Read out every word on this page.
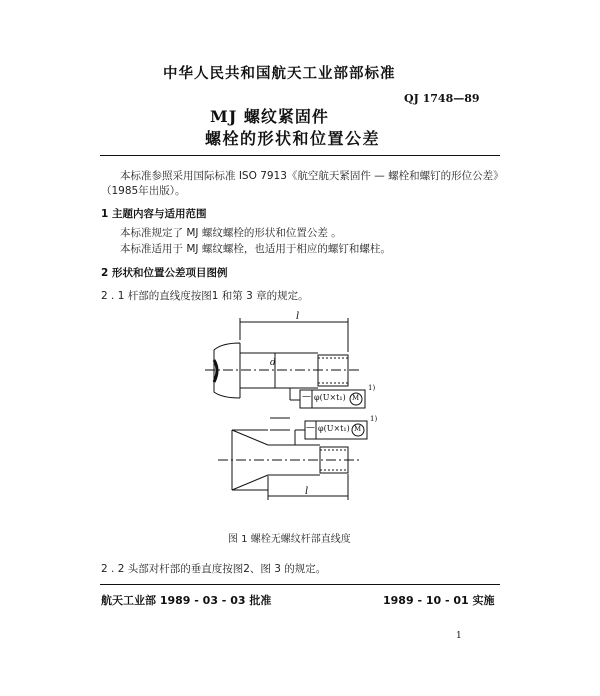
中华人民共和国航天工业部部标准
QJ 1748—89
MJ 螺纹紧固件
螺栓的形状和位置公差
本标准参照采用国际标准 ISO 7913《航空航天紧固件 — 螺栓和螺钉的形位公差》
（1985年出版）。
1 主题内容与适用范围
本标准规定了 MJ 螺纹螺栓的形状和位置公差 。
本标准适用于 MJ 螺纹螺栓，也适用于相应的螺钉和螺柱。
2 形状和位置公差项目图例
2 . 1 杆部的直线度按图1 和第 3 章的规定。
l
l
d
— φ(U×t₁) M
1)
— φ(U×t₁) M
1)
图 1 螺栓无螺纹杆部直线度
2 . 2 头部对杆部的垂直度按图2、图 3 的规定。
航天工业部 1989 - 03 - 03 批准	1989 - 10 - 01 实施
1
